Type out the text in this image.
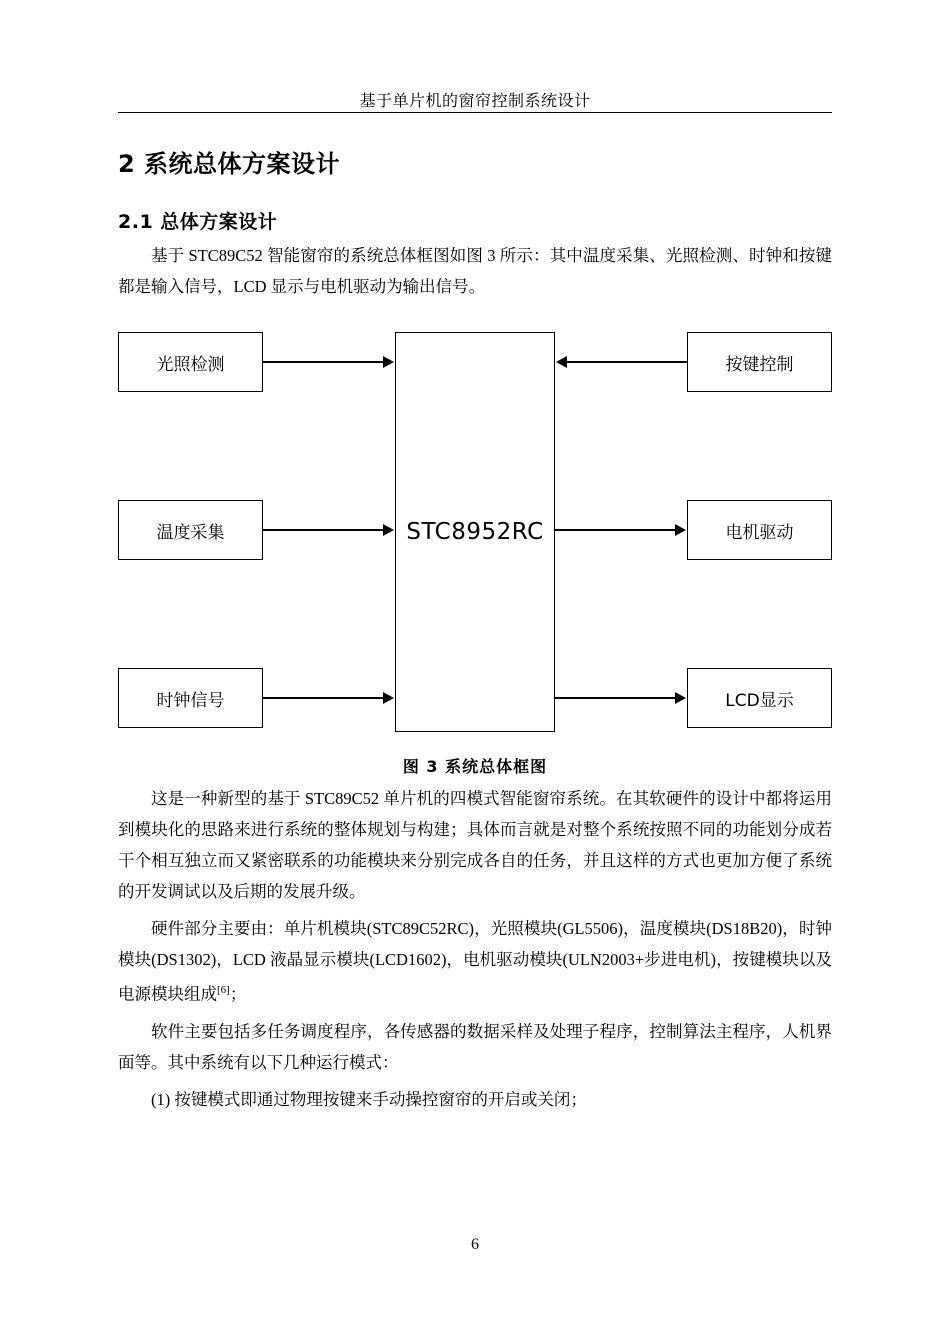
基于单片机的窗帘控制系统设计
2 系统总体方案设计
2.1 总体方案设计

基于 STC89C52 智能窗帘的系统总体框图如图 3 所示：其中温度采集、光照检测、时钟和按键都是输入信号，LCD 显示与电机驱动为输出信号。

STC8952RC
光照检测
温度采集
时钟信号
按键控制
电机驱动
LCD显示
图 3 系统总体框图

这是一种新型的基于 STC89C52 单片机的四模式智能窗帘系统。在其软硬件的设计中都将运用到模块化的思路来进行系统的整体规划与构建；具体而言就是对整个系统按照不同的功能划分成若干个相互独立而又紧密联系的功能模块来分别完成各自的任务，并且这样的方式也更加方便了系统的开发调试以及后期的发展升级。

硬件部分主要由：单片机模块(STC89C52RC)，光照模块(GL5506)，温度模块(DS18B20)，时钟模块(DS1302)，LCD 液晶显示模块(LCD1602)，电机驱动模块(ULN2003+步进电机)，按键模块以及电源模块组成[6]；

软件主要包括多任务调度程序，各传感器的数据采样及处理子程序，控制算法主程序，人机界面等。其中系统有以下几种运行模式：

(1) 按键模式即通过物理按键来手动操控窗帘的开启或关闭；

6
